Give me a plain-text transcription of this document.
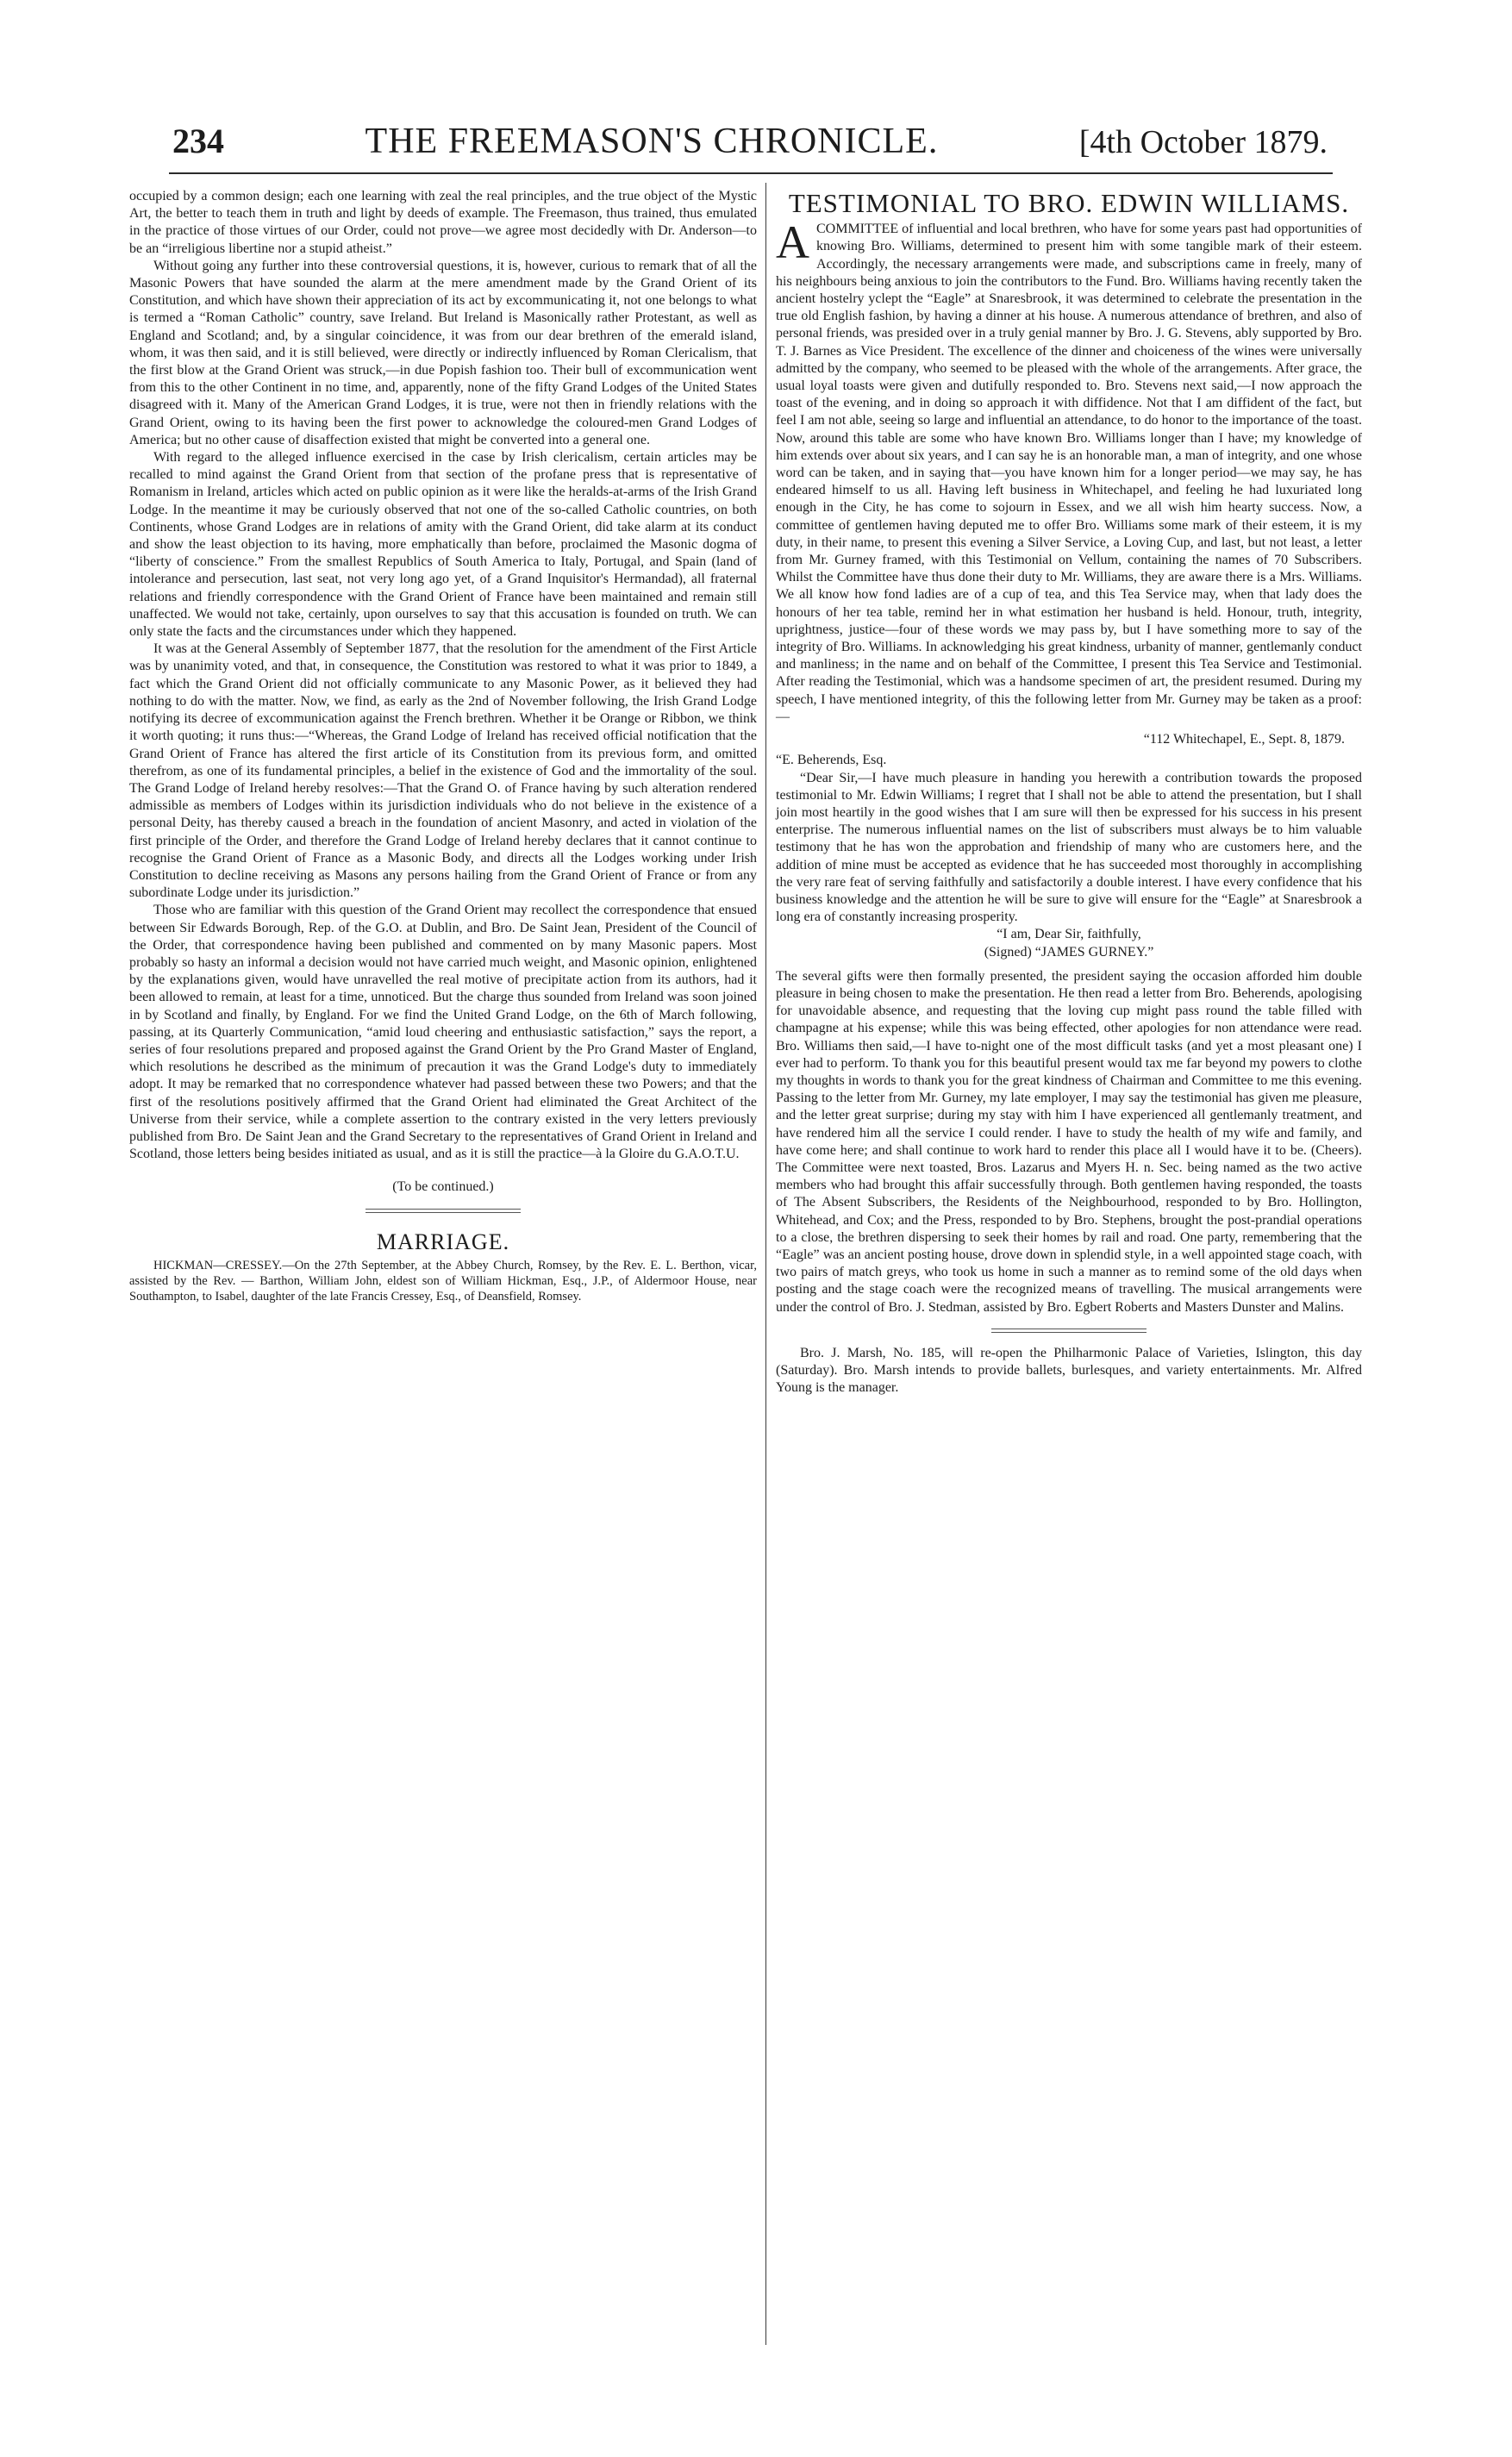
234	THE FREEMASON'S CHRONICLE.	[4th October 1879.

occupied by a common design; each one learning with zeal the real principles, and the true object of the Mystic Art, the better to teach them in truth and light by deeds of example. The Freemason, thus trained, thus emulated in the practice of those virtues of our Order, could not prove—we agree most decidedly with Dr. Anderson—to be an “irreligious libertine nor a stupid atheist.”

Without going any further into these controversial questions, it is, however, curious to remark that of all the Masonic Powers that have sounded the alarm at the mere amendment made by the Grand Orient of its Constitution, and which have shown their appreciation of its act by excommunicating it, not one belongs to what is termed a “Roman Catholic” country, save Ireland. But Ireland is Masonically rather Protestant, as well as England and Scotland; and, by a singular coincidence, it was from our dear brethren of the emerald island, whom, it was then said, and it is still believed, were directly or indirectly influenced by Roman Clericalism, that the first blow at the Grand Orient was struck,—in due Popish fashion too. Their bull of excommunication went from this to the other Continent in no time, and, apparently, none of the fifty Grand Lodges of the United States disagreed with it. Many of the American Grand Lodges, it is true, were not then in friendly relations with the Grand Orient, owing to its having been the first power to acknowledge the coloured-men Grand Lodges of America; but no other cause of disaffection existed that might be converted into a general one.

With regard to the alleged influence exercised in the case by Irish clericalism, certain articles may be recalled to mind against the Grand Orient from that section of the profane press that is representative of Romanism in Ireland, articles which acted on public opinion as it were like the heralds-at-arms of the Irish Grand Lodge. In the meantime it may be curiously observed that not one of the so-called Catholic countries, on both Continents, whose Grand Lodges are in relations of amity with the Grand Orient, did take alarm at its conduct and show the least objection to its having, more emphatically than before, proclaimed the Masonic dogma of “liberty of conscience.” From the smallest Republics of South America to Italy, Portugal, and Spain (land of intolerance and persecution, last seat, not very long ago yet, of a Grand Inquisitor's Hermandad), all fraternal relations and friendly correspondence with the Grand Orient of France have been maintained and remain still unaffected. We would not take, certainly, upon ourselves to say that this accusation is founded on truth. We can only state the facts and the circumstances under which they happened.

It was at the General Assembly of September 1877, that the resolution for the amendment of the First Article was by unanimity voted, and that, in consequence, the Constitution was restored to what it was prior to 1849, a fact which the Grand Orient did not officially communicate to any Masonic Power, as it believed they had nothing to do with the matter. Now, we find, as early as the 2nd of November following, the Irish Grand Lodge notifying its decree of excommunication against the French brethren. Whether it be Orange or Ribbon, we think it worth quoting; it runs thus:—“Whereas, the Grand Lodge of Ireland has received official notification that the Grand Orient of France has altered the first article of its Constitution from its previous form, and omitted therefrom, as one of its fundamental principles, a belief in the existence of God and the immortality of the soul. The Grand Lodge of Ireland hereby resolves:—That the Grand O. of France having by such alteration rendered admissible as members of Lodges within its jurisdiction individuals who do not believe in the existence of a personal Deity, has thereby caused a breach in the foundation of ancient Masonry, and acted in violation of the first principle of the Order, and therefore the Grand Lodge of Ireland hereby declares that it cannot continue to recognise the Grand Orient of France as a Masonic Body, and directs all the Lodges working under Irish Constitution to decline receiving as Masons any persons hailing from the Grand Orient of France or from any subordinate Lodge under its jurisdiction.”

Those who are familiar with this question of the Grand Orient may recollect the correspondence that ensued between Sir Edwards Borough, Rep. of the G.O. at Dublin, and Bro. De Saint Jean, President of the Council of the Order, that correspondence having been published and commented on by many Masonic papers. Most probably so hasty an informal a decision would not have carried much weight, and Masonic opinion, enlightened by the explanations given, would have unravelled the real motive of precipitate action from its authors, had it been allowed to remain, at least for a time, unnoticed. But the charge thus sounded from Ireland was soon joined in by Scotland and finally, by England. For we find the United Grand Lodge, on the 6th of March following, passing, at its Quarterly Communication, “amid loud cheering and enthusiastic satisfaction,” says the report, a series of four resolutions prepared and proposed against the Grand Orient by the Pro Grand Master of England, which resolutions he described as the minimum of precaution it was the Grand Lodge's duty to immediately adopt. It may be remarked that no correspondence whatever had passed between these two Powers; and that the first of the resolutions positively affirmed that the Grand Orient had eliminated the Great Architect of the Universe from their service, while a complete assertion to the contrary existed in the very letters previously published from Bro. De Saint Jean and the Grand Secretary to the representatives of Grand Orient in Ireland and Scotland, those letters being besides initiated as usual, and as it is still the practice—à la Gloire du G.A.O.T.U.

(To be continued.)
MARRIAGE.

HICKMAN—CRESSEY.—On the 27th September, at the Abbey Church, Romsey, by the Rev. E. L. Berthon, vicar, assisted by the Rev. — Barthon, William John, eldest son of William Hickman, Esq., J.P., of Aldermoor House, near Southampton, to Isabel, daughter of the late Francis Cressey, Esq., of Deansfield, Romsey.

TESTIMONIAL TO BRO. EDWIN WILLIAMS.

ACOMMITTEE of influential and local brethren, who have for some years past had opportunities of knowing Bro. Williams, determined to present him with some tangible mark of their esteem. Accordingly, the necessary arrangements were made, and subscriptions came in freely, many of his neighbours being anxious to join the contributors to the Fund. Bro. Williams having recently taken the ancient hostelry yclept the “Eagle” at Snaresbrook, it was determined to celebrate the presentation in the true old English fashion, by having a dinner at his house. A numerous attendance of brethren, and also of personal friends, was presided over in a truly genial manner by Bro. J. G. Stevens, ably supported by Bro. T. J. Barnes as Vice President. The excellence of the dinner and choiceness of the wines were universally admitted by the company, who seemed to be pleased with the whole of the arrangements. After grace, the usual loyal toasts were given and dutifully responded to. Bro. Stevens next said,—I now approach the toast of the evening, and in doing so approach it with diffidence. Not that I am diffident of the fact, but feel I am not able, seeing so large and influential an attendance, to do honor to the importance of the toast. Now, around this table are some who have known Bro. Williams longer than I have; my knowledge of him extends over about six years, and I can say he is an honorable man, a man of integrity, and one whose word can be taken, and in saying that—you have known him for a longer period—we may say, he has endeared himself to us all. Having left business in Whitechapel, and feeling he had luxuriated long enough in the City, he has come to sojourn in Essex, and we all wish him hearty success. Now, a committee of gentlemen having deputed me to offer Bro. Williams some mark of their esteem, it is my duty, in their name, to present this evening a Silver Service, a Loving Cup, and last, but not least, a letter from Mr. Gurney framed, with this Testimonial on Vellum, containing the names of 70 Subscribers. Whilst the Committee have thus done their duty to Mr. Williams, they are aware there is a Mrs. Williams. We all know how fond ladies are of a cup of tea, and this Tea Service may, when that lady does the honours of her tea table, remind her in what estimation her husband is held. Honour, truth, integrity, uprightness, justice—four of these words we may pass by, but I have something more to say of the integrity of Bro. Williams. In acknowledging his great kindness, urbanity of manner, gentlemanly conduct and manliness; in the name and on behalf of the Committee, I present this Tea Service and Testimonial. After reading the Testimonial, which was a handsome specimen of art, the president resumed. During my speech, I have mentioned integrity, of this the following letter from Mr. Gurney may be taken as a proof:—

“112 Whitechapel, E., Sept. 8, 1879.

“E. Beherends, Esq.

“Dear Sir,—I have much pleasure in handing you herewith a contribution towards the proposed testimonial to Mr. Edwin Williams; I regret that I shall not be able to attend the presentation, but I shall join most heartily in the good wishes that I am sure will then be expressed for his success in his present enterprise. The numerous influential names on the list of subscribers must always be to him valuable testimony that he has won the approbation and friendship of many who are customers here, and the addition of mine must be accepted as evidence that he has succeeded most thoroughly in accomplishing the very rare feat of serving faithfully and satisfactorily a double interest. I have every confidence that his business knowledge and the attention he will be sure to give will ensure for the “Eagle” at Snaresbrook a long era of constantly increasing prosperity.

“I am, Dear Sir, faithfully,

(Signed) “JAMES GURNEY.”

The several gifts were then formally presented, the president saying the occasion afforded him double pleasure in being chosen to make the presentation. He then read a letter from Bro. Beherends, apologising for unavoidable absence, and requesting that the loving cup might pass round the table filled with champagne at his expense; while this was being effected, other apologies for non attendance were read. Bro. Williams then said,—I have to-night one of the most difficult tasks (and yet a most pleasant one) I ever had to perform. To thank you for this beautiful present would tax me far beyond my powers to clothe my thoughts in words to thank you for the great kindness of Chairman and Committee to me this evening. Passing to the letter from Mr. Gurney, my late employer, I may say the testimonial has given me pleasure, and the letter great surprise; during my stay with him I have experienced all gentlemanly treatment, and have rendered him all the service I could render. I have to study the health of my wife and family, and have come here; and shall continue to work hard to render this place all I would have it to be. (Cheers). The Committee were next toasted, Bros. Lazarus and Myers H. n. Sec. being named as the two active members who had brought this affair successfully through. Both gentlemen having responded, the toasts of The Absent Subscribers, the Residents of the Neighbourhood, responded to by Bro. Hollington, Whitehead, and Cox; and the Press, responded to by Bro. Stephens, brought the post-prandial operations to a close, the brethren dispersing to seek their homes by rail and road. One party, remembering that the “Eagle” was an ancient posting house, drove down in splendid style, in a well appointed stage coach, with two pairs of match greys, who took us home in such a manner as to remind some of the old days when posting and the stage coach were the recognized means of travelling. The musical arrangements were under the control of Bro. J. Stedman, assisted by Bro. Egbert Roberts and Masters Dunster and Malins.

Bro. J. Marsh, No. 185, will re-open the Philharmonic Palace of Varieties, Islington, this day (Saturday). Bro. Marsh intends to provide ballets, burlesques, and variety entertainments. Mr. Alfred Young is the manager.
